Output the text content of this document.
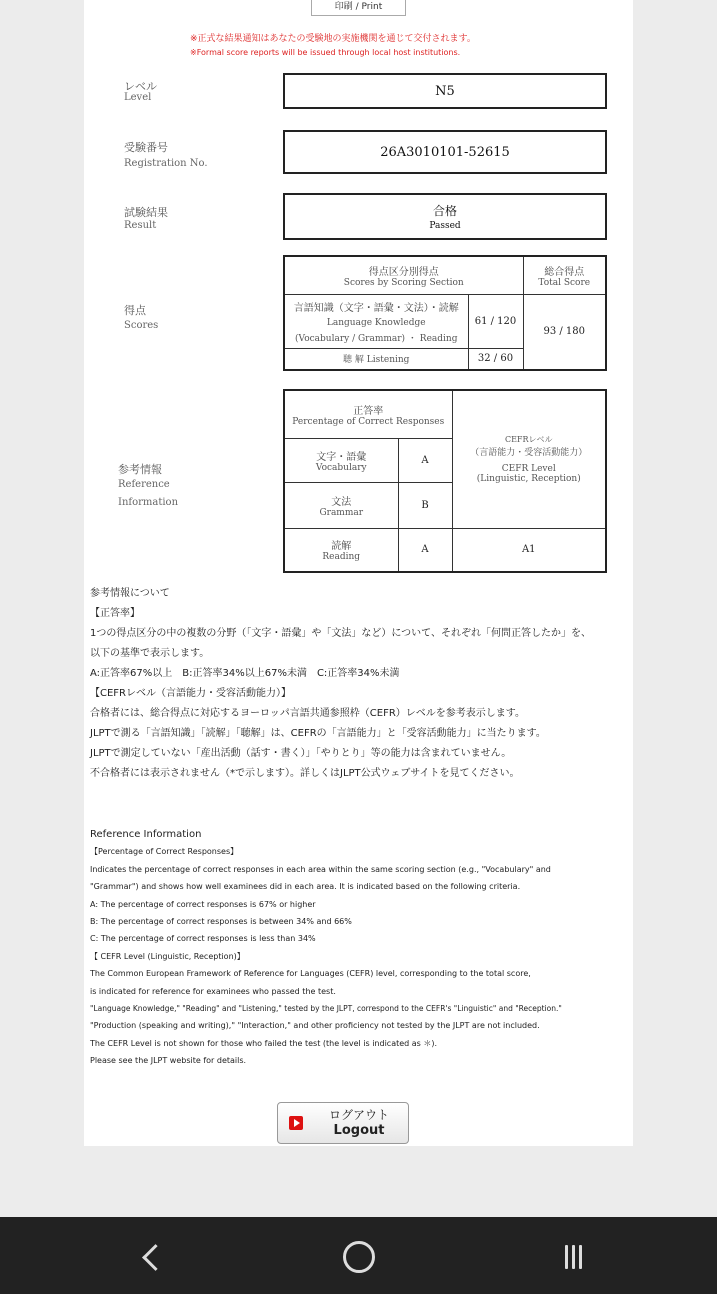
印刷 / Print
※正式な結果通知はあなたの受験地の実施機関を通じて交付されます。
※Formal score reports will be issued through local host institutions.
レベル
Level	N5
受験番号
Registration No.
26A3010101-52615
試験結果
Result
合格
Passed
得点
Scores
得点区分別得点
Scores by Scoring Section		総合得点
Total Score

言語知識（文字・語彙・文法）・読解
Language Knowledge
(Vocabulary / Grammar) ・ Reading	61 / 120	93 / 180
聴 解 Listening	32 / 60	
参考情報
Reference
Information
正答率
Percentage of Correct Responses		CEFRレベル
（言語能力・受容活動能力）
CEFR Level
(Linguistic, Reception)

文字・語彙
Vocabulary	A	

文法
Grammar	B	

読解
Reading	A	A1

参考情報について

【正答率】

1つの得点区分の中の複数の分野（「文字・語彙」や「文法」など）について、それぞれ「何問正答したか」を、

以下の基準で表示します。

A:正答率67%以上　B:正答率34%以上67%未満　C:正答率34%未満

【CEFRレベル（言語能力・受容活動能力）】

合格者には、総合得点に対応するヨーロッパ言語共通参照枠（CEFR）レベルを参考表示します。

JLPTで測る「言語知識」「読解」「聴解」は、CEFRの「言語能力」と「受容活動能力」に当たります。

JLPTで測定していない「産出活動（話す・書く）」「やりとり」等の能力は含まれていません。

不合格者には表示されません（*で示します）。詳しくはJLPT公式ウェブサイトを見てください。

Reference Information

【Percentage of Correct Responses】

Indicates the percentage of correct responses in each area within the same scoring section (e.g., "Vocabulary" and

"Grammar") and shows how well examinees did in each area. It is indicated based on the following criteria.

A: The percentage of correct responses is 67% or higher

B: The percentage of correct responses is between 34% and 66%

C: The percentage of correct responses is less than 34%

【 CEFR Level (Linguistic, Reception)】

The Common European Framework of Reference for Languages (CEFR) level, corresponding to the total score,

is indicated for reference for examinees who passed the test.

"Language Knowledge," "Reading" and "Listening," tested by the JLPT, correspond to the CEFR's "Linguistic" and "Reception."

"Production (speaking and writing)," "Interaction," and other proficiency not tested by the JLPT are not included.

The CEFR Level is not shown for those who failed the test (the level is indicated as ＊).

Please see the JLPT website for details.

ログアウト
Logout
